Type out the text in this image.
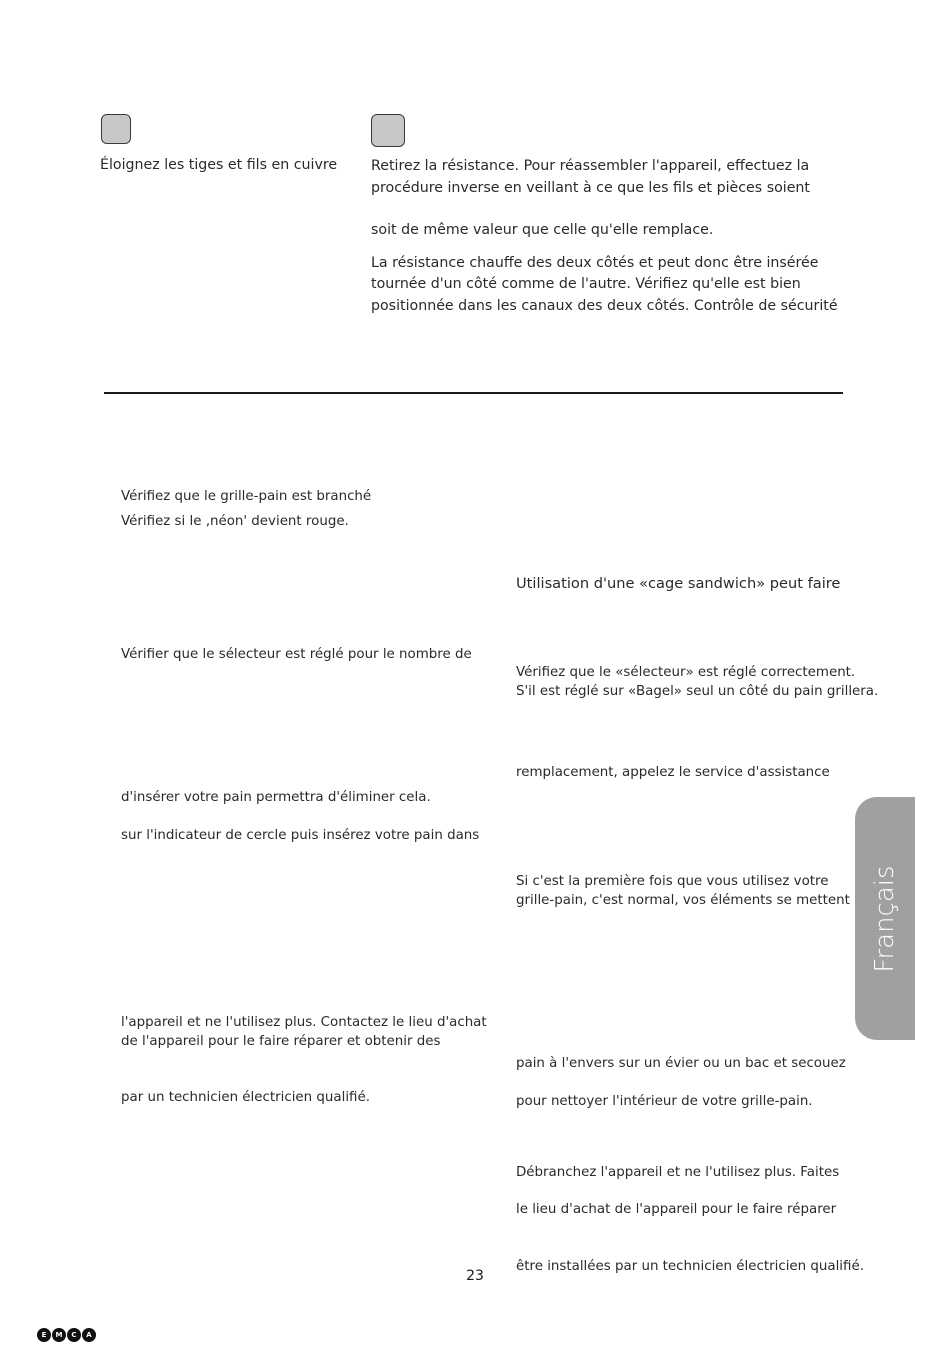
Éloignez les tiges et fils en cuivre Retirez la résistance. Pour réassembler l'appareil, effectuez la

procédure inverse en veillant à ce que les fils et pièces soient

soit de même valeur que celle qu'elle remplace.

La résistance chauffe des deux côtés et peut donc être insérée

tournée d'un côté comme de l'autre. Vérifiez qu'elle est bien

positionnée dans les canaux des deux côtés. Contrôle de sécurité

Vérifiez que le grille-pain est branché

Vérifiez si le ‚néon' devient rouge.

Vérifier que le sélecteur est réglé pour le nombre de

d'insérer votre pain permettra d'éliminer cela.

sur l'indicateur de cercle puis insérez votre pain dans

l'appareil et ne l'utilisez plus. Contactez le lieu d'achat

de l'appareil pour le faire réparer et obtenir des

par un technicien électricien qualifié.

Utilisation d'une «cage sandwich» peut faire

Vérifiez que le «sélecteur» est réglé correctement.

S'il est réglé sur «Bagel» seul un côté du pain grillera.

remplacement, appelez le service d'assistance

Si c'est la première fois que vous utilisez votre

grille-pain, c'est normal, vos éléments se mettent

pain à l'envers sur un évier ou un bac et secouez

pour nettoyer l'intérieur de votre grille-pain.

Débranchez l'appareil et ne l'utilisez plus. Faites

le lieu d'achat de l'appareil pour le faire réparer

être installées par un technicien électricien qualifié.

Français
23
E	M	C	A
